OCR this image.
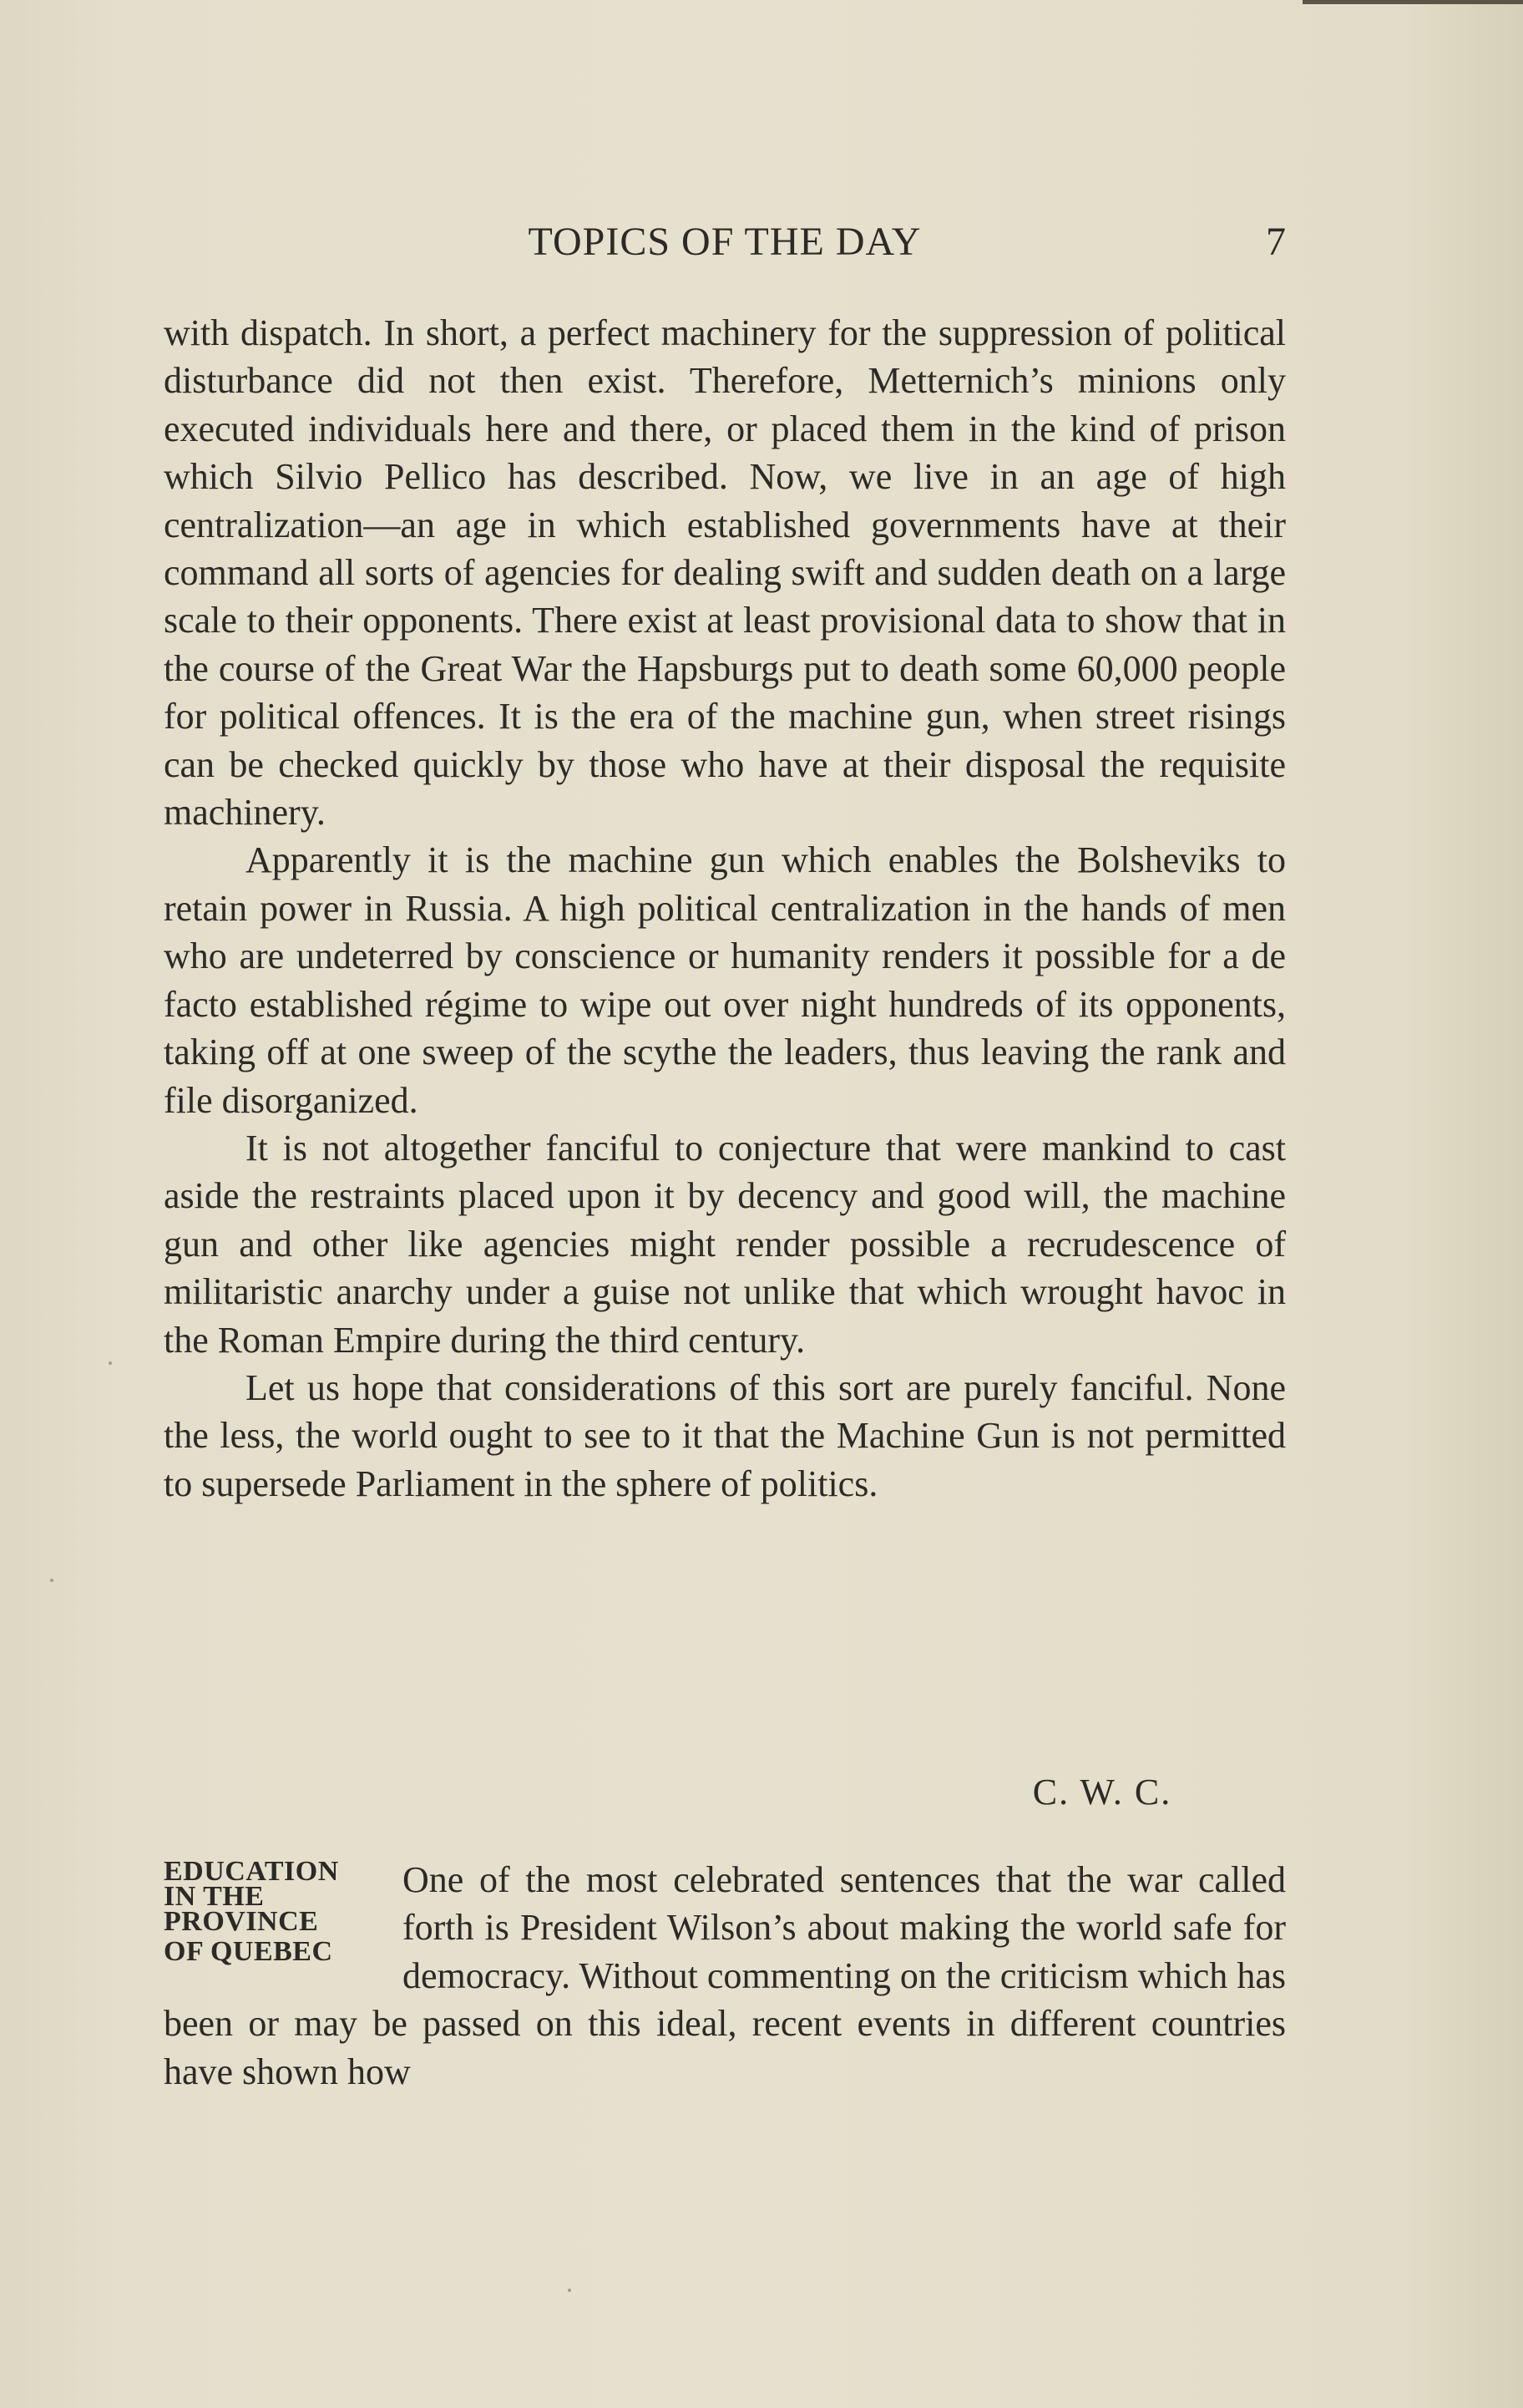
TOPICS OF THE DAY	7

with dispatch. In short, a perfect machinery for the suppression of political disturbance did not then exist. Therefore, Metternich’s minions only executed individuals here and there, or placed them in the kind of prison which Silvio Pellico has described. Now, we live in an age of high centralization—an age in which established governments have at their command all sorts of agencies for dealing swift and sudden death on a large scale to their opponents. There exist at least provisional data to show that in the course of the Great War the Hapsburgs put to death some 60,000 people for political offences. It is the era of the machine gun, when street risings can be checked quickly by those who have at their disposal the requisite machinery.

Apparently it is the machine gun which enables the Bolsheviks to retain power in Russia. A high political centralization in the hands of men who are undeterred by conscience or humanity renders it possible for a de facto established régime to wipe out over night hundreds of its opponents, taking off at one sweep of the scythe the leaders, thus leaving the rank and file disorganized.

It is not altogether fanciful to conjecture that were mankind to cast aside the restraints placed upon it by decency and good will, the machine gun and other like agencies might render possible a recrudescence of militaristic anarchy under a guise not unlike that which wrought havoc in the Roman Empire during the third century.

Let us hope that considerations of this sort are purely fanciful. None the less, the world ought to see to it that the Machine Gun is not permitted to supersede Parliament in the sphere of politics.

C. W. C.
EDUCATION
IN THE
PROVINCE
OF QUEBEC

One of the most celebrated sentences that the war called forth is President Wilson’s about making the world safe for democracy. Without commenting on the criticism which has been or may be passed on this ideal, recent events in different countries have shown how
